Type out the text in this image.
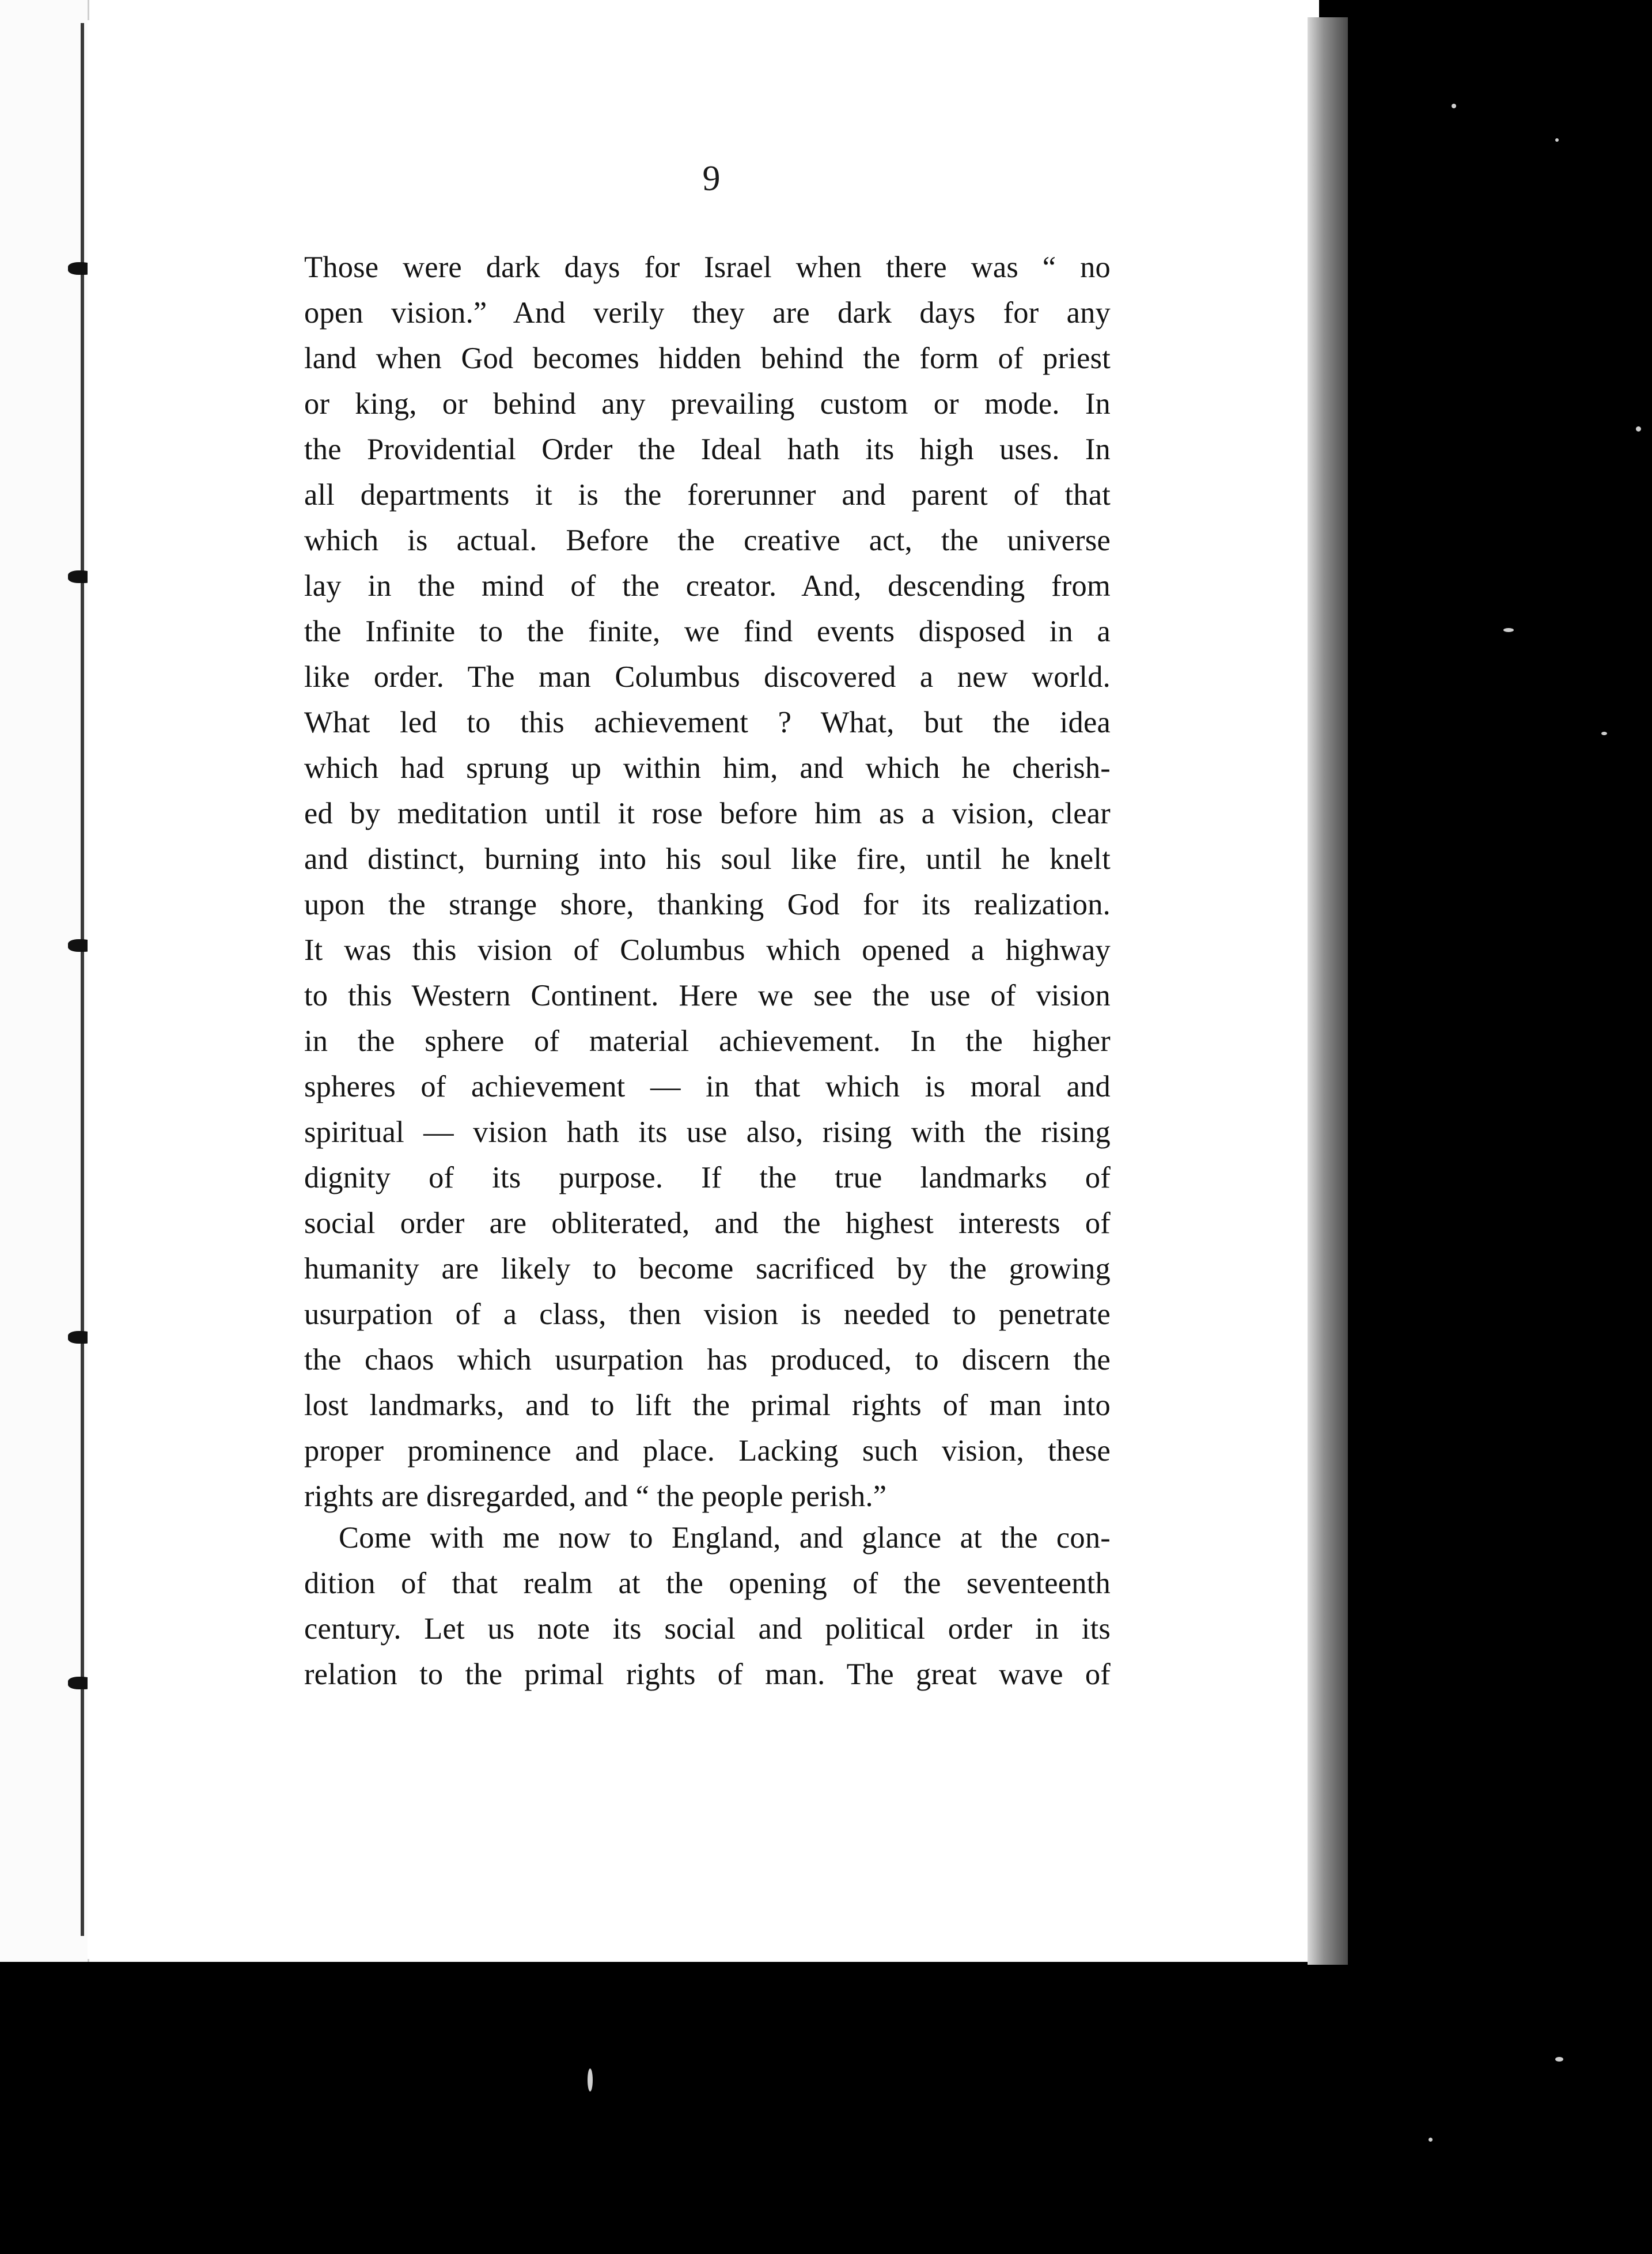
9
Those were dark days for Israel when there was “ no
open vision.” And verily they are dark days for any
land when God becomes hidden behind the form of priest
or king, or behind any prevailing custom or mode. In
the Providential Order the Ideal hath its high uses. In
all departments it is the forerunner and parent of that
which is actual. Before the creative act, the universe
lay in the mind of the creator. And, descending from
the Infinite to the finite, we find events disposed in a
like order. The man Columbus discovered a new world.
What led to this achievement ? What, but the idea
which had sprung up within him, and which he cherish-
ed by meditation until it rose before him as a vision, clear
and distinct, burning into his soul like fire, until he knelt
upon the strange shore, thanking God for its realization.
It was this vision of Columbus which opened a highway
to this Western Continent. Here we see the use of vision
in the sphere of material achievement. In the higher
spheres of achievement — in that which is moral and
spiritual — vision hath its use also, rising with the rising
dignity of its purpose. If the true landmarks of
social order are obliterated, and the highest interests of
humanity are likely to become sacrificed by the growing
usurpation of a class, then vision is needed to penetrate
the chaos which usurpation has produced, to discern the
lost landmarks, and to lift the primal rights of man into
proper prominence and place. Lacking such vision, these
rights are disregarded, and “ the people perish.”
Come with me now to England, and glance at the con-
dition of that realm at the opening of the seventeenth
century. Let us note its social and political order in its
relation to the primal rights of man. The great wave of
